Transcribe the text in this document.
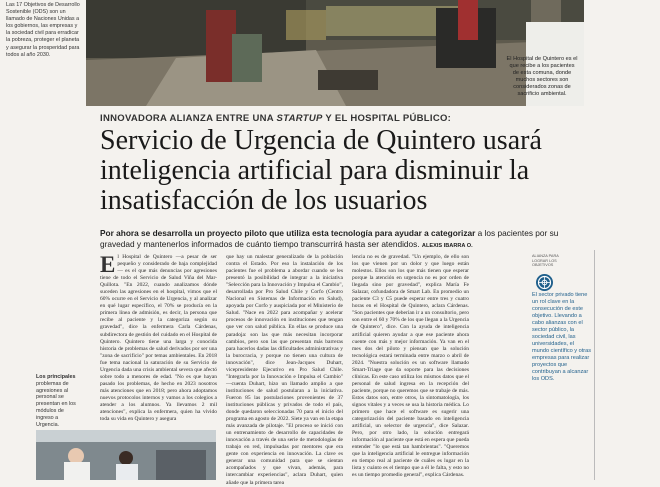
Las 17 Objetivos de Desarrollo Sostenible (ODS) son un llamado de Naciones Unidas a los gobiernos, las empresas y la sociedad civil para erradicar la pobreza, proteger el planeta y asegurar la prosperidad para todos al año 2030.
El Hospital de Quintero es el que recibe a los pacientes de esta comuna, donde muchos sectores son considerados zonas de sacrificio ambiental.
INNOVADORA ALIANZA ENTRE UNA STARTUP Y EL HOSPITAL PÚBLICO:
Servicio de Urgencia de Quintero usará inteligencia artificial para disminuir la insatisfacción de los usuarios
Por ahora se desarrolla un proyecto piloto que utiliza esta tecnología para ayudar a categorizar a los pacientes por su gravedad y mantenerlos informados de cuánto tiempo transcurrirá hasta ser atendidos. ALEXIS IBARRA O.
El Hospital de Quintero —a pesar de ser pequeño y considerado de baja complejidad— es el que más denuncias por agresiones tiene de todo el Servicio de Salud Viña del Mar-Quillota. "En 2022, cuando analizamos dónde suceden las agresiones en el hospital, vimos que el 60% ocurre en el Servicio de Urgencia, y al analizar en qué lugar específico, el 70% se producía en la primera línea de admisión, es decir, la persona que recibe al paciente y la categoriza según su gravedad", dice la enfermera Carla Cárdenas, subdirectora de gestión del cuidado en el Hospital de Quintero. Quintero tiene una larga y conocida historia de problemas de salud derivados por ser una "zona de sacrificio" por temas ambientales. En 2018 fue tema nacional la saturación de su Servicio de Urgencia dada una crisis ambiental severa que afectó sobre todo a menores de edad. "No es que hayan pasado los problemas, de hecho en 2023 nosotros más atenciones que en 2018; pero ahora adoptamos nuevos protocolos internos y vamos a los colegios a atender a los alumnos. Ya llevamos 2 mil atenciones", explica la enfermera, quien ha vivido toda su vida en Quintero y asegura
que hay un malestar generalizado de la población contra el Estado. Por eso la instalación de los pacientes fue el problema a abordar cuando se les presentó la posibilidad de integrar a la iniciativa "Selección para la Innovación y Impulsa el Cambio", desarrollada por Pro Salud Chile y Corfo (Centro Nacional en Sistemas de Información en Salud), apoyada por Corfo y auspiciada por el Ministerio de Salud. "Nace en 2022 para acompañar y acelerar procesos de innovación en instituciones que tengan que ver con salud pública. En ellas se produce una paradoja: son las que más necesitan incorporar cambios, pero son las que presentan más barreras para hacerlos dadas las dificultades administrativas y la burocracia, y porque no tienen una cultura de innovación", dice Jean-Jacques Duhart, vicepresidente Ejecutivo en Pro Salud Chile. "Integrarla por la Innovación e Impulsa el Cambio" —cuenta Duhart, hizo un llamado amplio a que instituciones de salud postularan a la iniciativa. Fueron 85 las postulaciones provenientes de 37 instituciones públicas y privados de todo el país, donde quedaron seleccionadas 70 para el inicio del programa en agosto de 2022. Siete ya van en la etapa más avanzada de pilotaje. "El proceso se inició con un entrenamiento de desarrollo de capacidades de innovación a través de una serie de metodologías de trabajo en red, impulsadas por mentores que era gente con experiencia en innovación. La clave es generar una comunidad para que se sientan acompañados y que vivan, además, para intercambiar experiencias", aclara Duhart, quien añade que la primera tarea
lencia no es de gravedad. "Un ejemplo, de ello son los que vienen por un dolor y que luego están molestos. Ellos son los que más tienen que esperar porque la atención en urgencia no es por orden de llegada sino por gravedad", explica María Fe Salazar, cofundadora de Smart Lab. En promedio un paciente C3 y C5 puede esperar entre tres y cuatro horas en el Hospital de Quintero, aclara Cárdenas. "Son pacientes que deberían ir a un consultorio, pero son entre el 60 y 70% de los que llegan a la Urgencia de Quintero", dice. Con la ayuda de inteligencia artificial quieren ayudar a que ese paciente ahora cuente con más y mejor información. Ya van en el mes dos del piloto y piensan que la solución tecnológica estará terminada entre marzo o abril de 2024. "Nuestra solución es un software llamado Smart-Triage que da soporte para las decisiones clínicas. En este caso utiliza los mismos datos que el personal de salud ingresa en la recepción del paciente, porque no queremos que se trabaje de más. Estos datos son, entre otros, la sintomatología, los signos vitales y a veces se usa la historia médica. Lo primero que hace el software es sugerir una categorización del paciente basado en inteligencia artificial, un selector de urgencia", dice Salazar. Pero, por otro lado, la solución entregará información al paciente que está en espera que pueda entender "lo que está tan hambrientas". "Queremos que la inteligencia artificial le entregue información en tiempo real al paciente de cuáles es lugar en la lista y cuánto es el tiempo que a él le falta, y esto no es un tiempo promedio general", explica Cárdenas.
ALIANZA PARA LOGRAR LOS OBJETIVOS
El sector privado tiene un rol clave en la consecución de este objetivo. Llevando a cabo alianzas con el sector público, la sociedad civil, las universidades, el mundo científico y otras empresas para realizar proyectos que contribuyan a alcanzar los ODS.
Los principales problemas de agresiones al personal se presentan en los módulos de ingreso a Urgencia.
